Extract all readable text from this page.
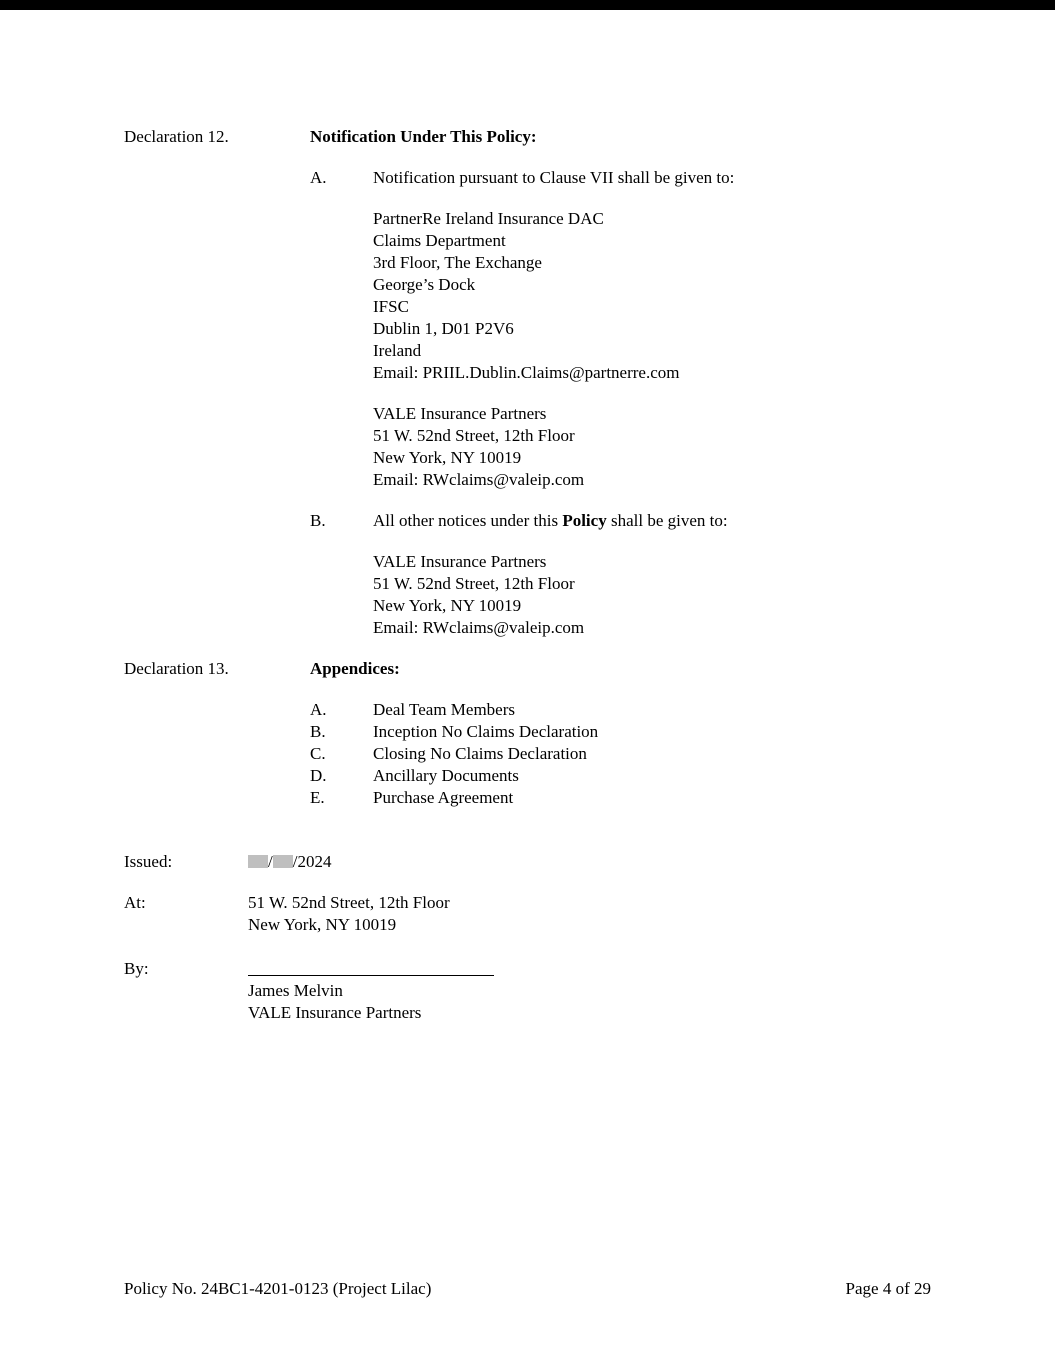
Declaration 12.	Notification Under This Policy:
A.	Notification pursuant to Clause VII shall be given to:
PartnerRe Ireland Insurance DAC
Claims Department
3rd Floor, The Exchange
George’s Dock
IFSC
Dublin 1, D01 P2V6
Ireland
Email: PRIIL.Dublin.Claims@partnerre.com
VALE Insurance Partners
51 W. 52nd Street, 12th Floor
New York, NY 10019
Email: RWclaims@valeip.com
B.	All other notices under this Policy shall be given to:
VALE Insurance Partners
51 W. 52nd Street, 12th Floor
New York, NY 10019
Email: RWclaims@valeip.com
Declaration 13.	Appendices:
A.	Deal Team Members
B.	Inception No Claims Declaration
C.	Closing No Claims Declaration
D.	Ancillary Documents
E.	Purchase Agreement
Issued:	/ /2024
At:	51 W. 52nd Street, 12th Floor
New York, NY 10019
By:
James Melvin
VALE Insurance Partners
Policy No. 24BC1-4201-0123 (Project Lilac)	Page 4 of 29
